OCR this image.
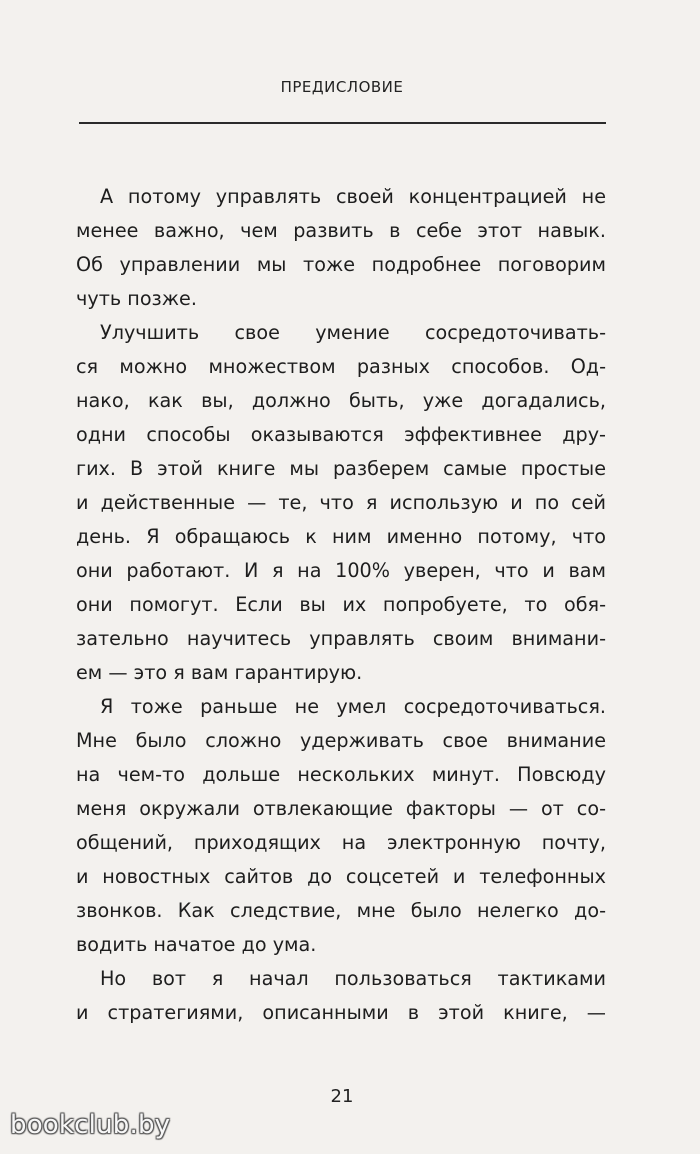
ПРЕДИСЛОВИЕ

А потому управлять своей концентрацией не
менее важно, чем развить в себе этот навык.
Об управлении мы тоже подробнее поговорим
чуть позже.

Улучшить свое умение сосредоточивать-
ся можно множеством разных способов. Од-
нако, как вы, должно быть, уже догадались,
одни способы оказываются эффективнее дру-
гих. В этой книге мы разберем самые простые
и действенные — те, что я использую и по сей
день. Я обращаюсь к ним именно потому, что
они работают. И я на 100% уверен, что и вам
они помогут. Если вы их попробуете, то обя-
зательно научитесь управлять своим внимани-
ем — это я вам гарантирую.

Я тоже раньше не умел сосредоточиваться.
Мне было сложно удерживать свое внимание
на чем-то дольше нескольких минут. Повсюду
меня окружали отвлекающие факторы — от со-
общений, приходящих на электронную почту,
и новостных сайтов до соцсетей и телефонных
звонков. Как следствие, мне было нелегко до-
водить начатое до ума.

Но вот я начал пользоваться тактиками
и стратегиями, описанными в этой книге, —

21
bookclub.by
